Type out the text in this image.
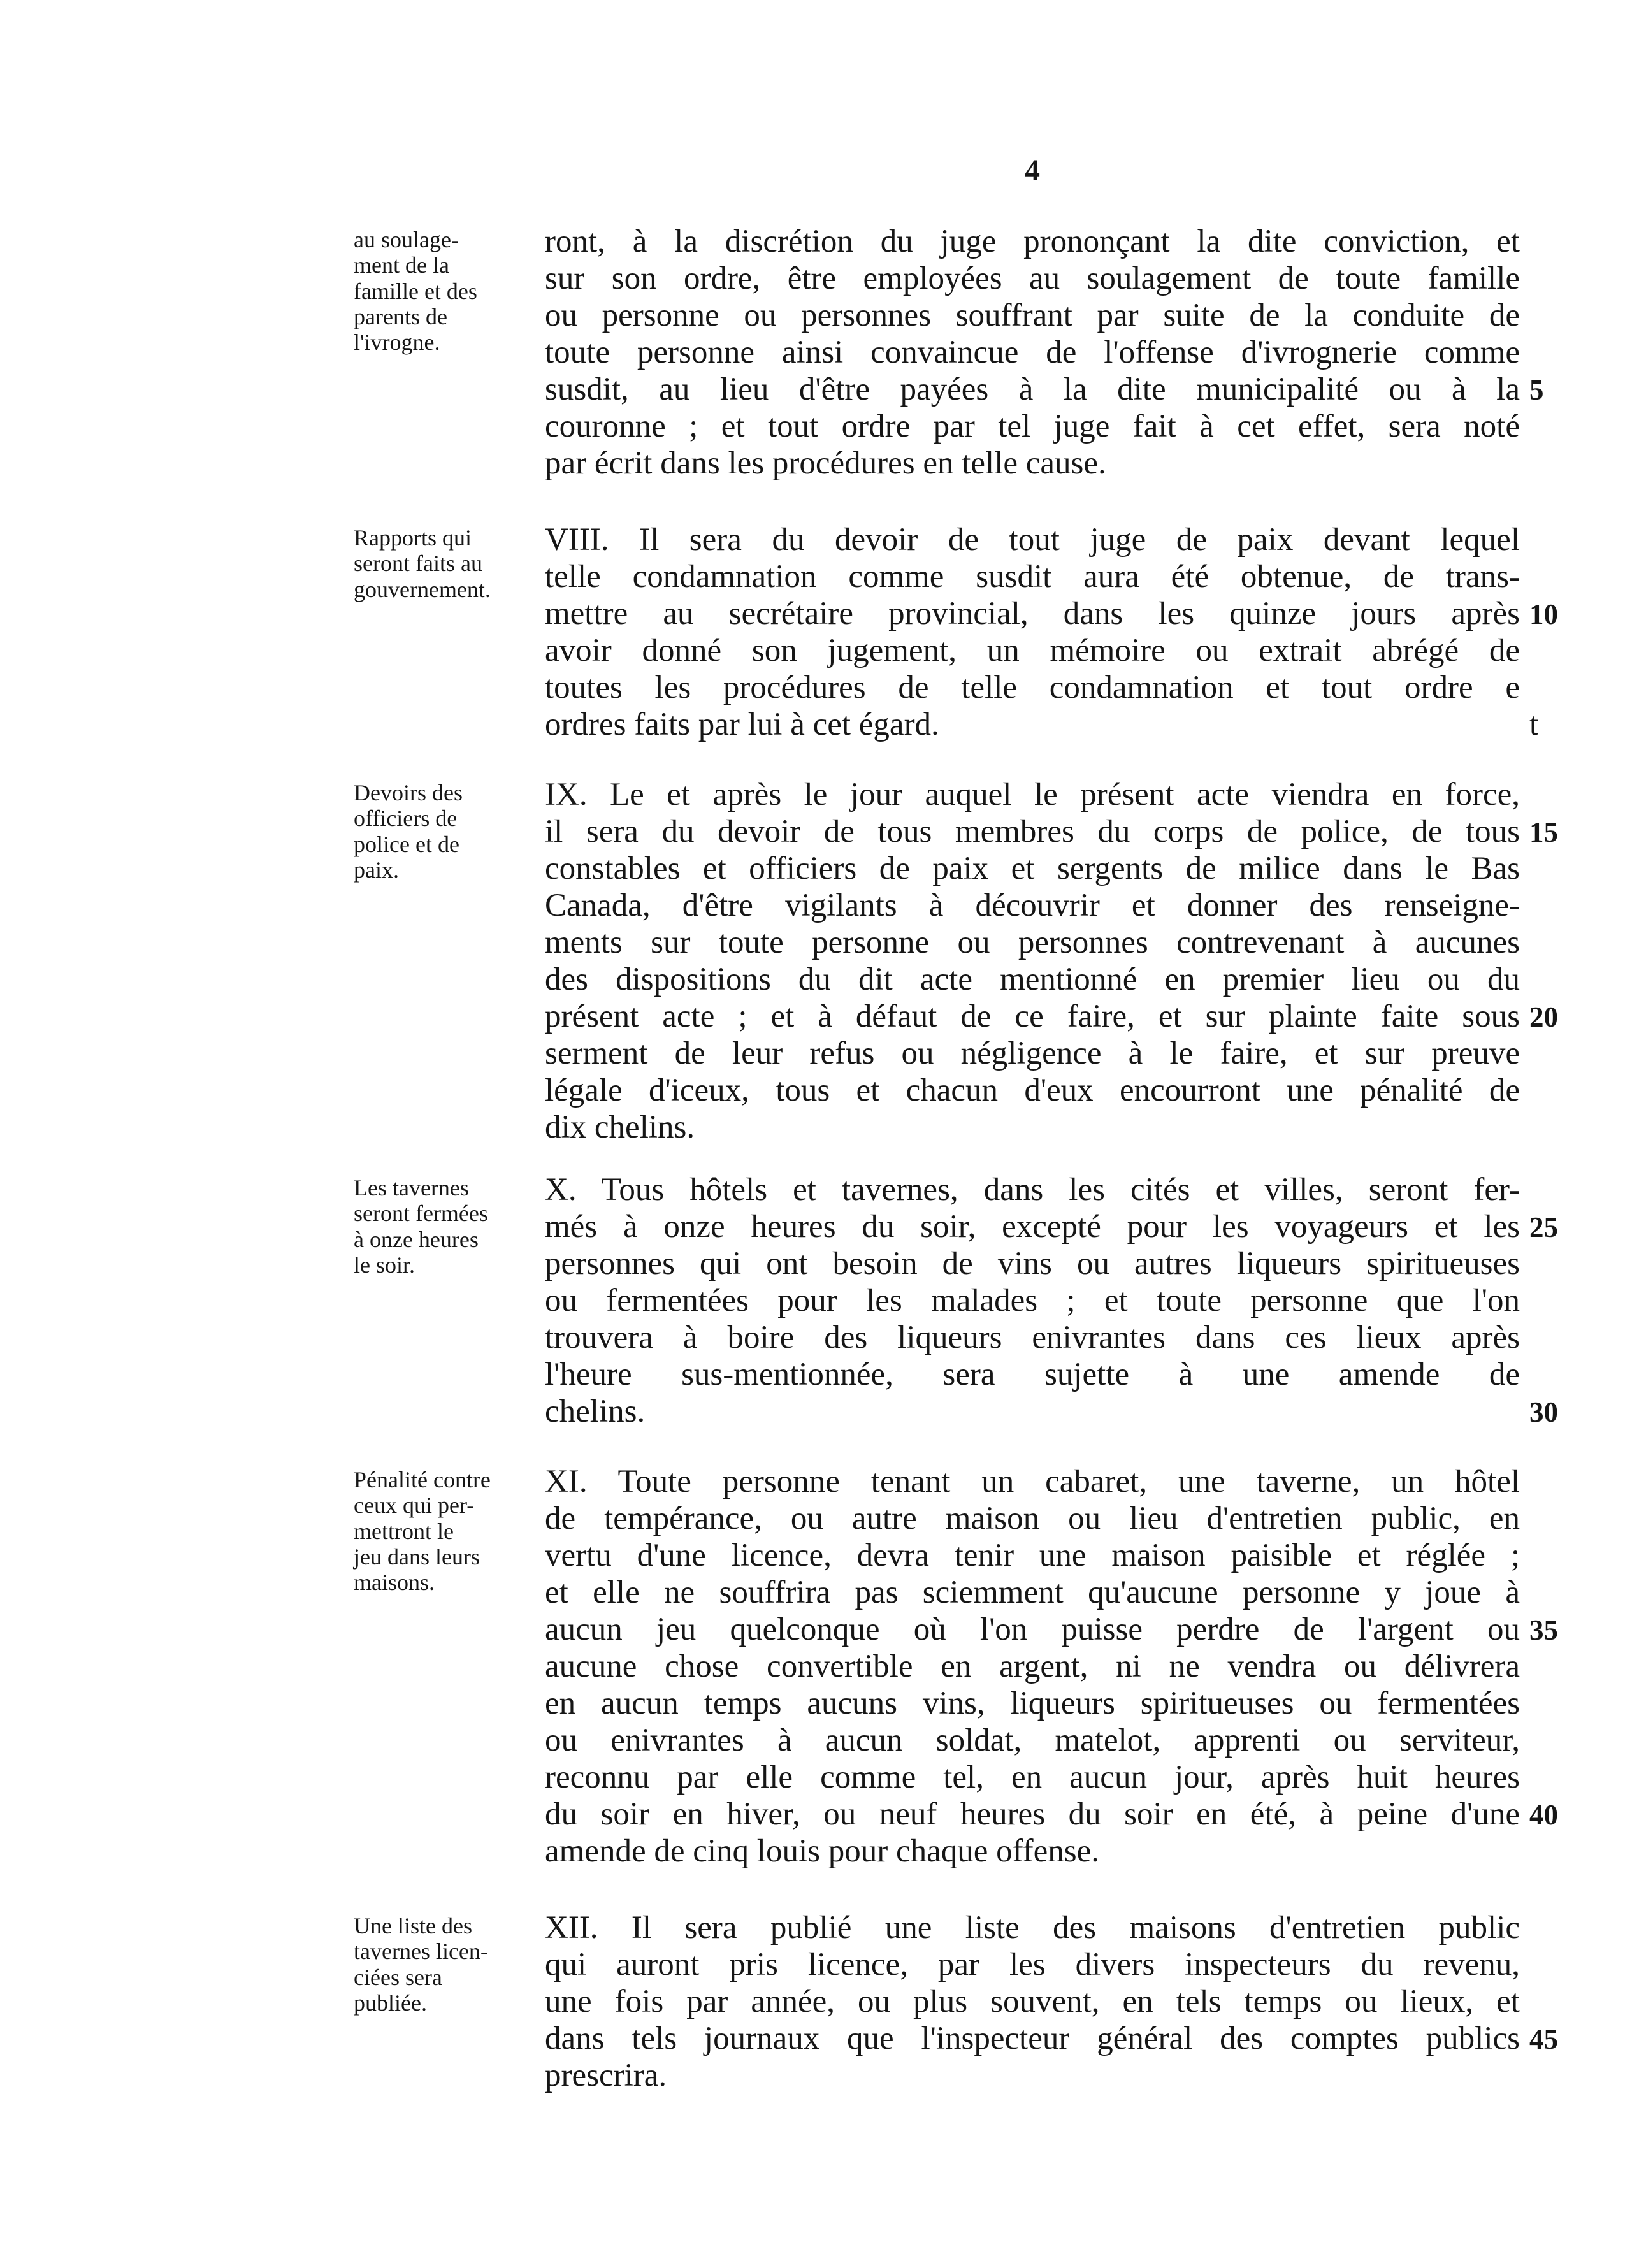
4
au soulage-
ment de la
famille et des
parents de
l'ivrogne.
ront, à la discrétion du juge prononçant la dite conviction, et
sur son ordre, être employées au soulagement de toute famille
ou personne ou personnes souffrant par suite de la conduite de
toute personne ainsi convaincue de l'offense d'ivrognerie comme
susdit, au lieu d'être payées à la dite municipalité ou à la
couronne ; et tout ordre par tel juge fait à cet effet, sera noté
par écrit dans les procédures en telle cause.
5
Rapports qui
seront faits au
gouvernement.
VIII. Il sera du devoir de tout juge de paix devant lequel
telle condamnation comme susdit aura été obtenue, de trans-
mettre au secrétaire provincial, dans les quinze jours après
avoir donné son jugement, un mémoire ou extrait abrégé de
toutes les procédures de telle condamnation et tout ordre e
ordres faits par lui à cet égard.	t
10
Devoirs des
officiers de
police et de
paix.
IX. Le et après le jour auquel le présent acte viendra en force,
il sera du devoir de tous membres du corps de police, de tous
constables et officiers de paix et sergents de milice dans le Bas
Canada, d'être vigilants à découvrir et donner des renseigne-
ments sur toute personne ou personnes contrevenant à aucunes
des dispositions du dit acte mentionné en premier lieu ou du
présent acte ; et à défaut de ce faire, et sur plainte faite sous
serment de leur refus ou négligence à le faire, et sur preuve
légale d'iceux, tous et chacun d'eux encourront une pénalité de
dix chelins.
15
20
Les tavernes
seront fermées
à onze heures
le soir.
X. Tous hôtels et tavernes, dans les cités et villes, seront fer-
més à onze heures du soir, excepté pour les voyageurs et les
personnes qui ont besoin de vins ou autres liqueurs spiritueuses
ou fermentées pour les malades ; et toute personne que l'on
trouvera à boire des liqueurs enivrantes dans ces lieux après
l'heure sus-mentionnée, sera sujette à une amende de
chelins.
25
30
Pénalité contre
ceux qui per-
mettront le
jeu dans leurs
maisons.
XI. Toute personne tenant un cabaret, une taverne, un hôtel
de tempérance, ou autre maison ou lieu d'entretien public, en
vertu d'une licence, devra tenir une maison paisible et réglée ;
et elle ne souffrira pas sciemment qu'aucune personne y joue à
aucun jeu quelconque où l'on puisse perdre de l'argent ou
aucune chose convertible en argent, ni ne vendra ou délivrera
en aucun temps aucuns vins, liqueurs spiritueuses ou fermentées
ou enivrantes à aucun soldat, matelot, apprenti ou serviteur,
reconnu par elle comme tel, en aucun jour, après huit heures
du soir en hiver, ou neuf heures du soir en été, à peine d'une
amende de cinq louis pour chaque offense.
35
40
Une liste des
tavernes licen-
ciées sera
publiée.
XII. Il sera publié une liste des maisons d'entretien public
qui auront pris licence, par les divers inspecteurs du revenu,
une fois par année, ou plus souvent, en tels temps ou lieux, et
dans tels journaux que l'inspecteur général des comptes publics
prescrira.
45
